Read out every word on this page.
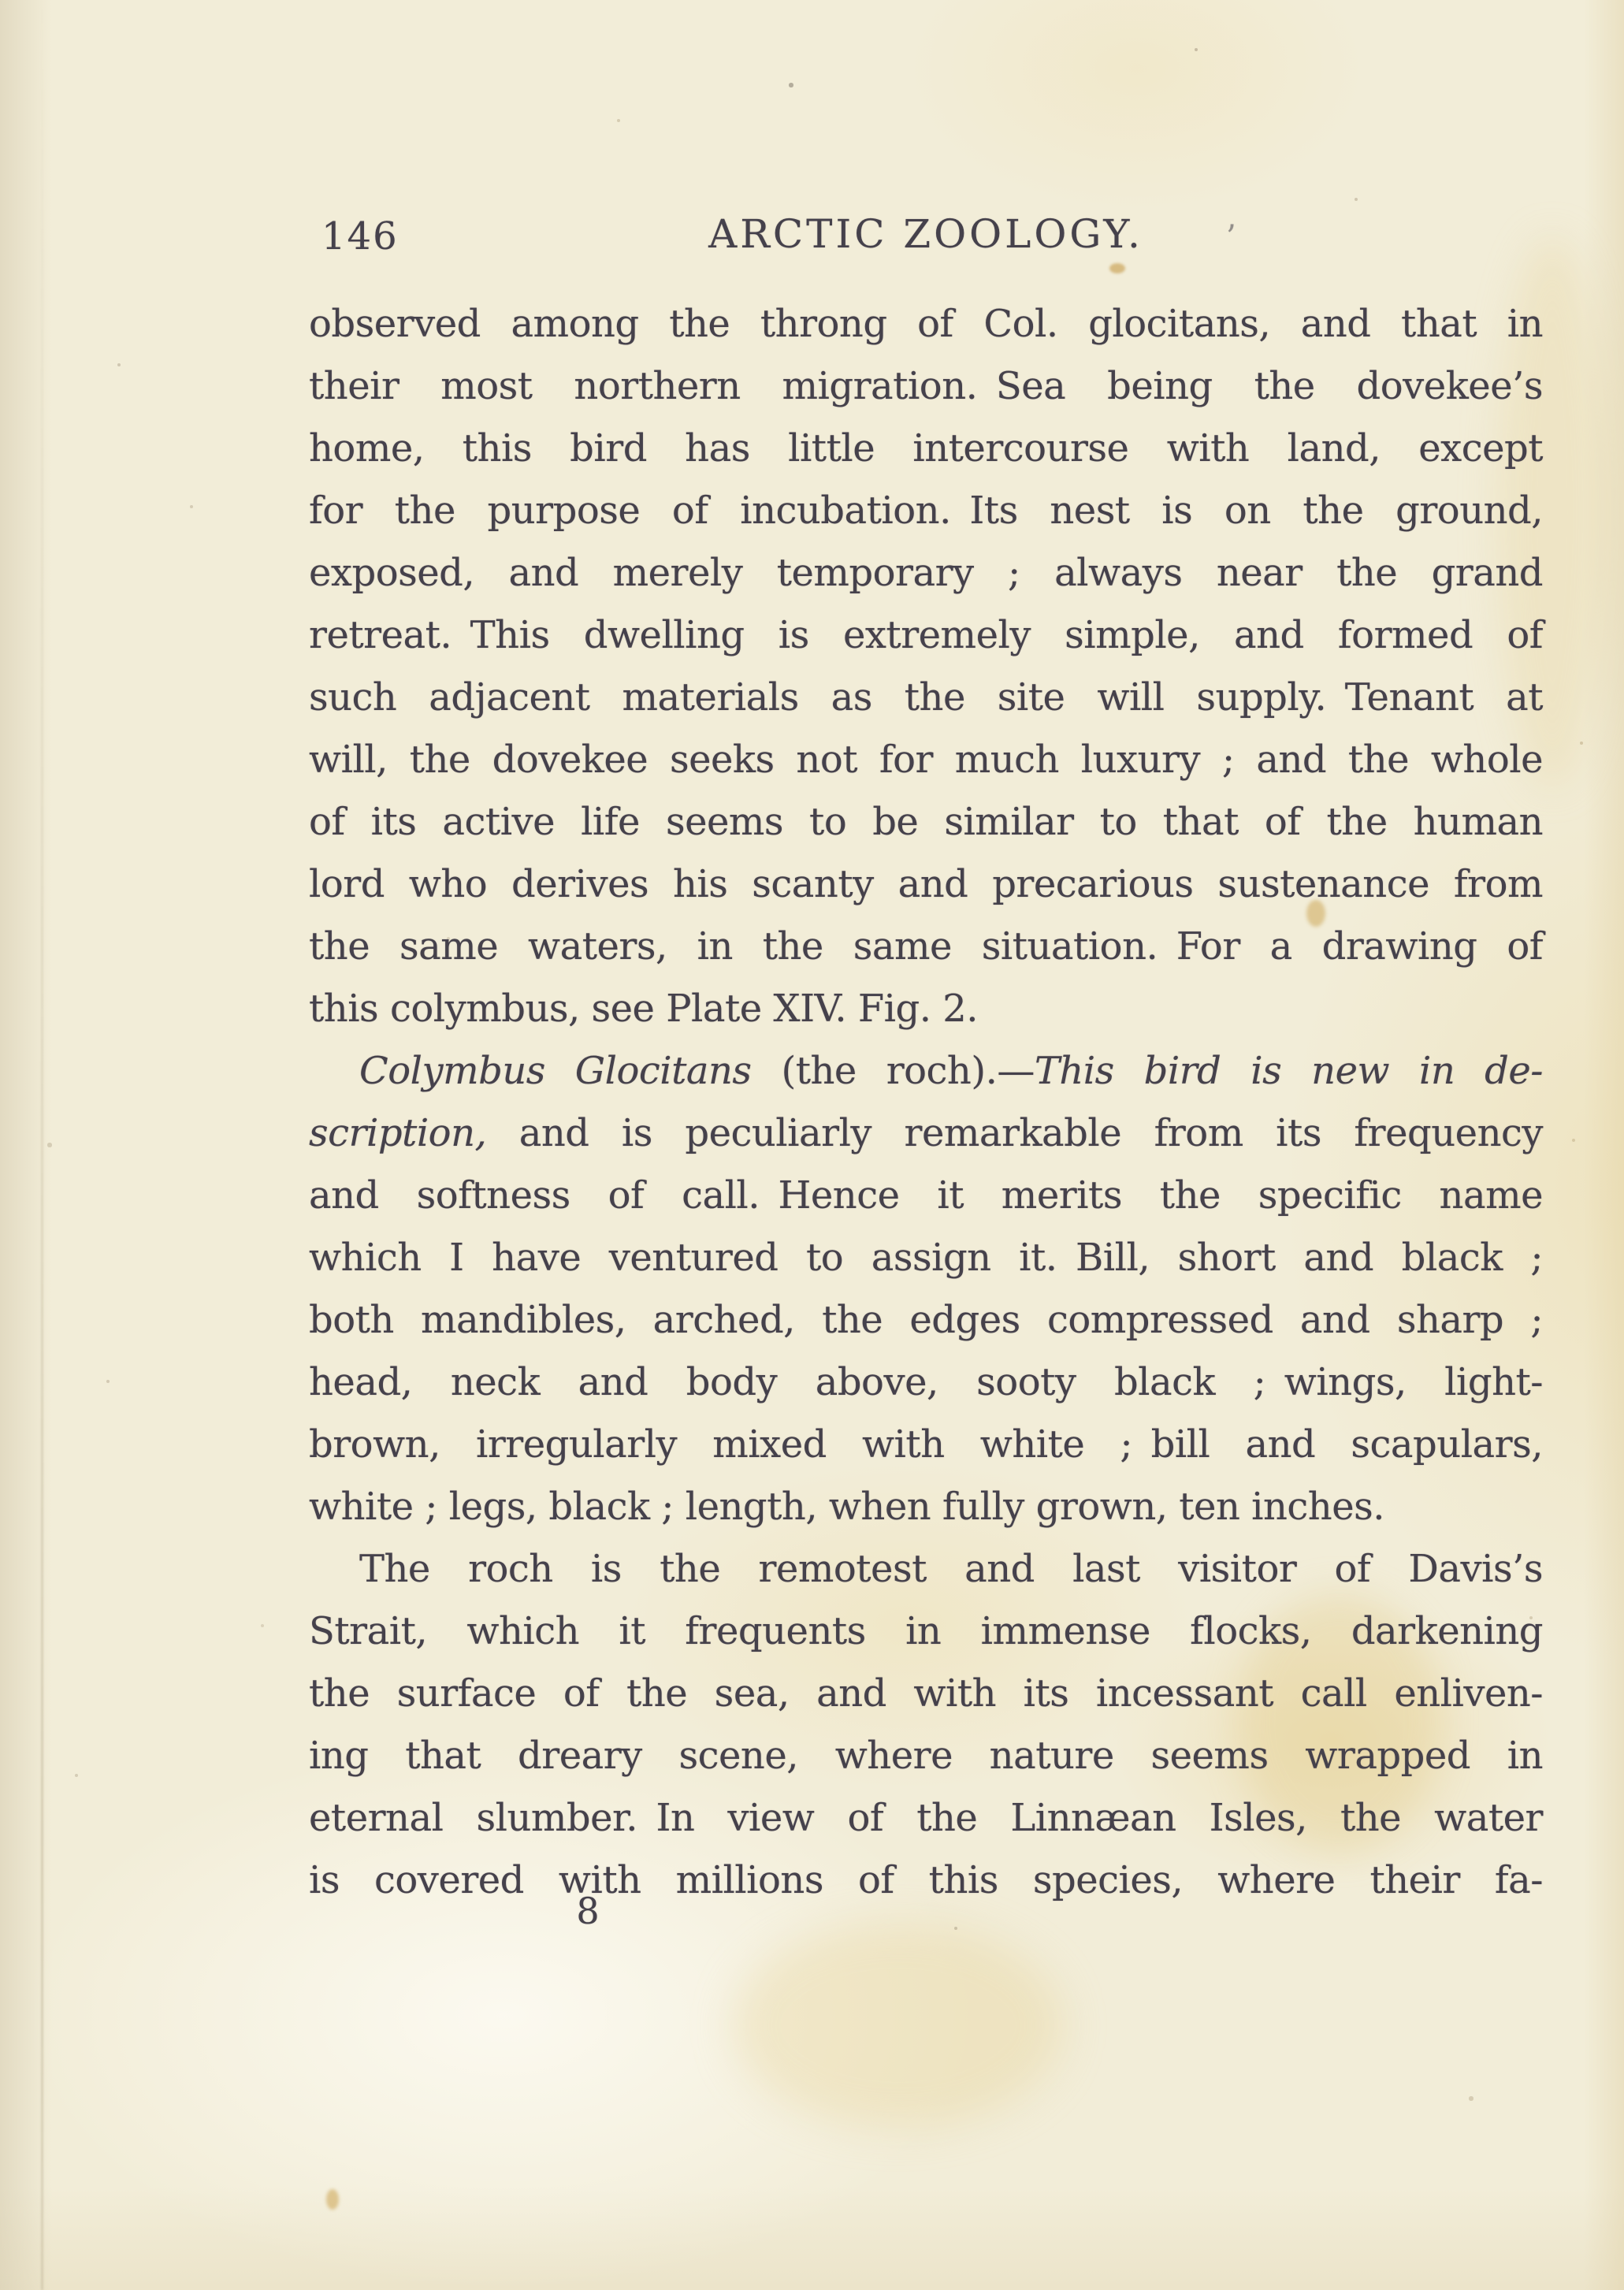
146	ARCTIC ZOOLOGY.	’
observed among the throng of Col. glocitans, and that in
their most northern migration. Sea being the dovekee’s
home, this bird has little intercourse with land, except
for the purpose of incubation. Its nest is on the ground,
exposed, and merely temporary ; always near the grand
retreat. This dwelling is extremely simple, and formed of
such adjacent materials as the site will supply. Tenant at
will, the dovekee seeks not for much luxury ; and the whole
of its active life seems to be similar to that of the human
lord who derives his scanty and precarious sustenance from
the same waters, in the same situation. For a drawing of
this colymbus, see Plate XIV. Fig. 2.
Colymbus Glocitans (the roch).—This bird is new in de-
scription, and is peculiarly remarkable from its frequency
and softness of call. Hence it merits the specific name
which I have ventured to assign it. Bill, short and black ;
both mandibles, arched, the edges compressed and sharp ;
head, neck and body above, sooty black ; wings, light-
brown, irregularly mixed with white ; bill and scapulars,
white ; legs, black ; length, when fully grown, ten inches.
The roch is the remotest and last visitor of Davis’s
Strait, which it frequents in immense flocks, darkening
the surface of the sea, and with its incessant call enliven-
ing that dreary scene, where nature seems wrapped in
eternal slumber. In view of the Linnæan Isles, the water
is covered with millions of this species, where their fa-
8
